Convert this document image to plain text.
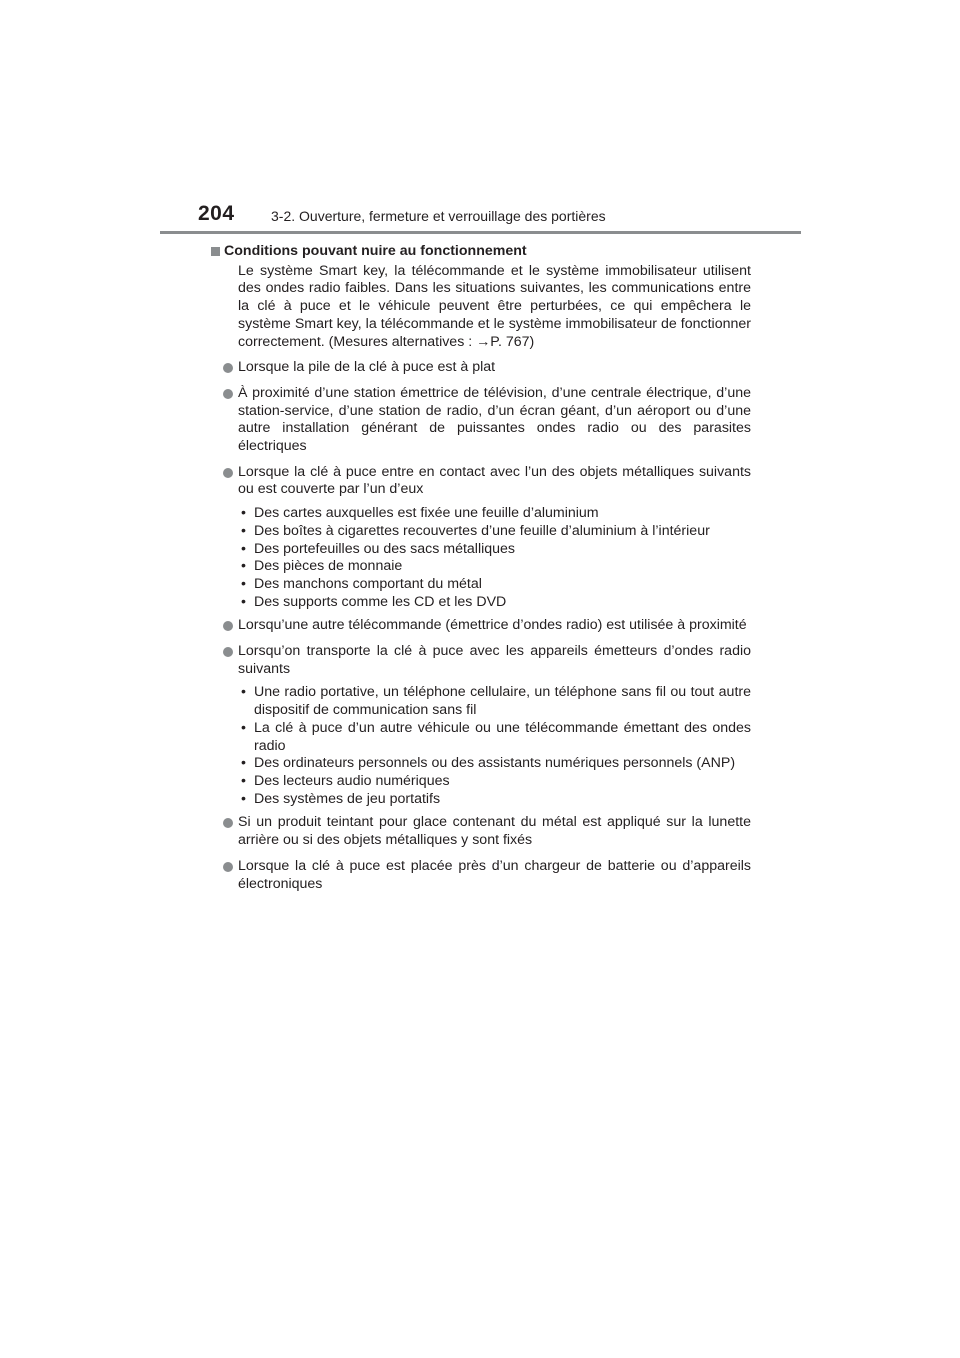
204	3-2. Ouverture, fermeture et verrouillage des portières
Conditions pouvant nuire au fonctionnement
Le système Smart key, la télécommande et le système immobilisateur utilisent des ondes radio faibles. Dans les situations suivantes, les communications entre la clé à puce et le véhicule peuvent être perturbées, ce qui empêchera le système Smart key, la télécommande et le système immobilisateur de fonctionner correctement. (Mesures alternatives : →P. 767)
Lorsque la pile de la clé à puce est à plat
À proximité d’une station émettrice de télévision, d’une centrale électrique, d’une station-service, d’une station de radio, d’un écran géant, d’un aéroport ou d’une autre installation générant de puissantes ondes radio ou des parasites électriques
Lorsque la clé à puce entre en contact avec l’un des objets métalliques suivants ou est couverte par l’un d’eux
• Des cartes auxquelles est fixée une feuille d’aluminium
• Des boîtes à cigarettes recouvertes d’une feuille d’aluminium à l’intérieur
• Des portefeuilles ou des sacs métalliques
• Des pièces de monnaie
• Des manchons comportant du métal
• Des supports comme les CD et les DVD
Lorsqu’une autre télécommande (émettrice d’ondes radio) est utilisée à proximité
Lorsqu’on transporte la clé à puce avec les appareils émetteurs d’ondes radio suivants
• Une radio portative, un téléphone cellulaire, un téléphone sans fil ou tout autre dispositif de communication sans fil
• La clé à puce d’un autre véhicule ou une télécommande émettant des ondes radio
• Des ordinateurs personnels ou des assistants numériques personnels (ANP)
• Des lecteurs audio numériques
• Des systèmes de jeu portatifs
Si un produit teintant pour glace contenant du métal est appliqué sur la lunette arrière ou si des objets métalliques y sont fixés
Lorsque la clé à puce est placée près d’un chargeur de batterie ou d’appareils électroniques
